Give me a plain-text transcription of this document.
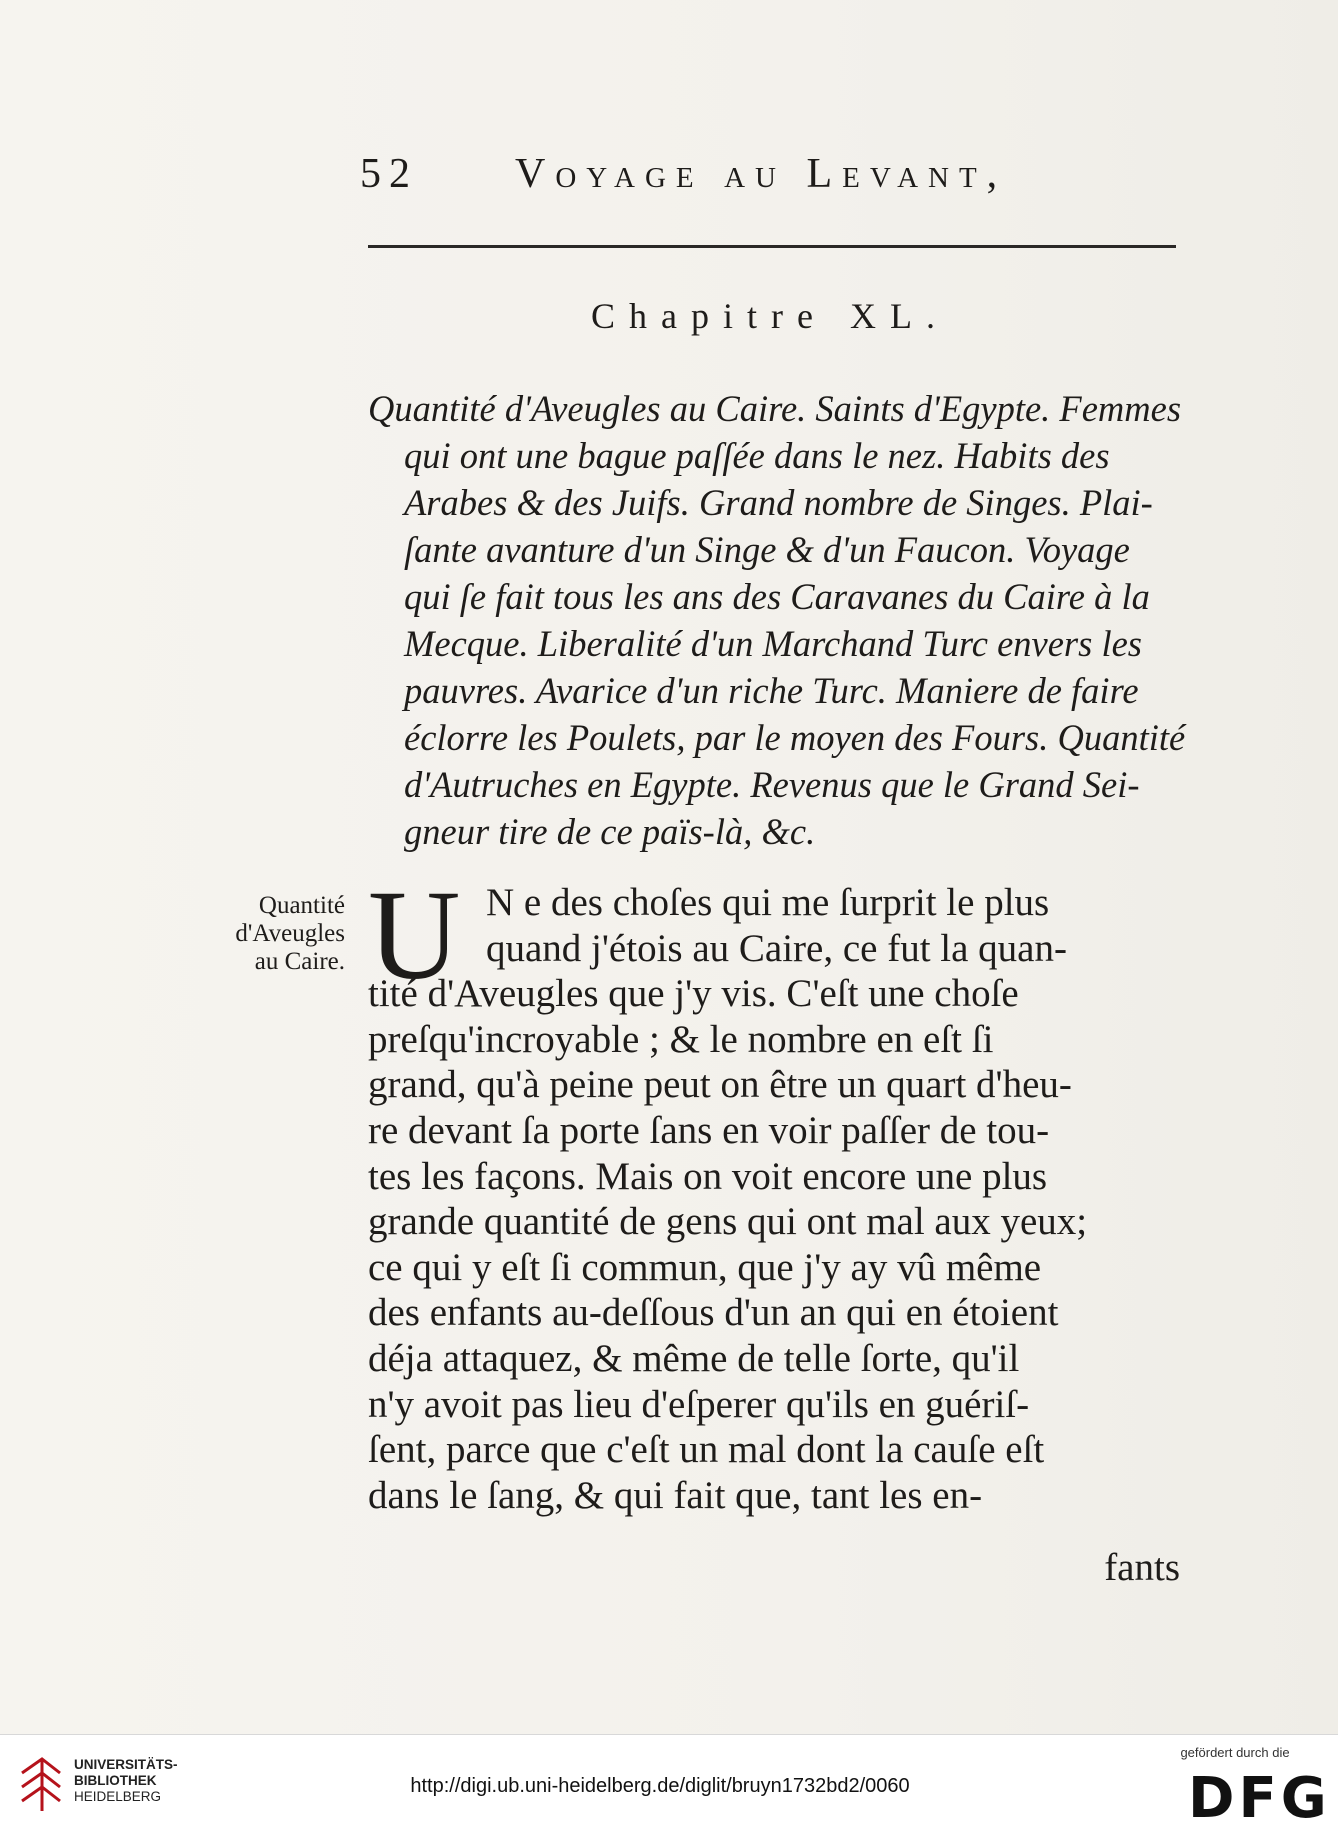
52 Voyage au Levant,
Chapitre XL.
Quantité d'Aveugles au Caire. Saints d'Egypte. Femmes
qui ont une bague paſſée dans le nez. Habits des
Arabes & des Juifs. Grand nombre de Singes. Plai-
ſante avanture d'un Singe & d'un Faucon. Voyage
qui ſe fait tous les ans des Caravanes du Caire à la
Mecque. Liberalité d'un Marchand Turc envers les
pauvres. Avarice d'un riche Turc. Maniere de faire
éclorre les Poulets, par le moyen des Fours. Quantité
d'Autruches en Egypte. Revenus que le Grand Sei-
gneur tire de ce païs-là, &c.
Quantité
d'Aveugles
au Caire. U N e des choſes qui me ſurprit le plus
quand j'étois au Caire, ce fut la quan-
tité d'Aveugles que j'y vis. C'eſt une choſe
preſqu'incroyable ; & le nombre en eſt ſi
grand, qu'à peine peut on être un quart d'heu-
re devant ſa porte ſans en voir paſſer de tou-
tes les façons. Mais on voit encore une plus
grande quantité de gens qui ont mal aux yeux;
ce qui y eſt ſi commun, que j'y ay vû même
des enfants au-deſſous d'un an qui en étoient
déja attaquez, & même de telle ſorte, qu'il
n'y avoit pas lieu d'eſperer qu'ils en guériſ-
ſent, parce que c'eſt un mal dont la cauſe eſt
dans le ſang, & qui fait que, tant les en-
fants
UNIVERSITÄTS-
BIBLIOTHEK
HEIDELBERG	http://digi.ub.uni-heidelberg.de/diglit/bruyn1732bd2/0060
gefördert durch die
DFG
